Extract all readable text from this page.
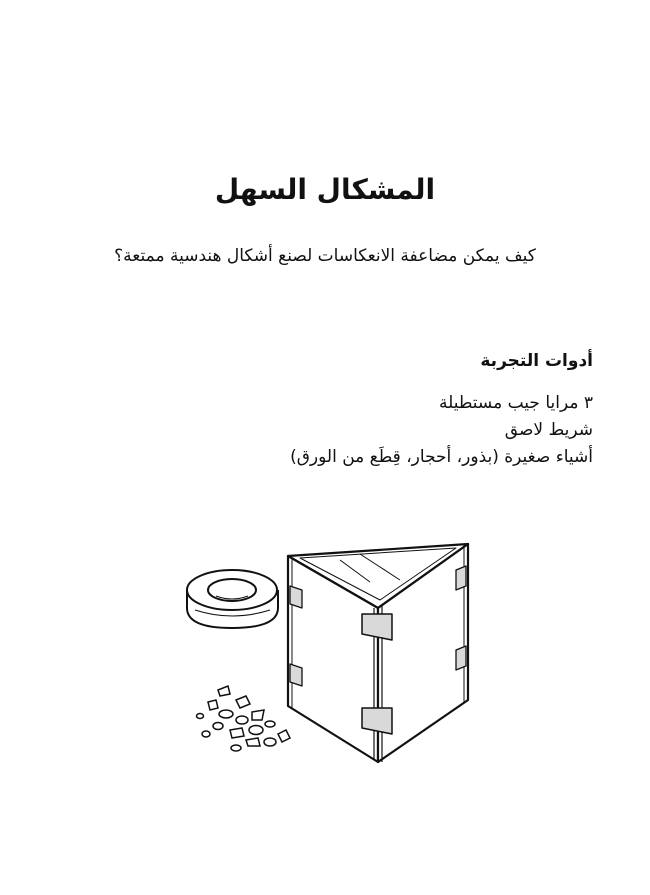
المشكال السهل
كيف يمكن مضاعفة الانعكاسات لصنع أشكال هندسية ممتعة؟
أدوات التجربة
٣ مرايا جيب مستطيلة
شريط لاصق
أشياء صغيرة (بذور، أحجار، قِطَع من الورق)
